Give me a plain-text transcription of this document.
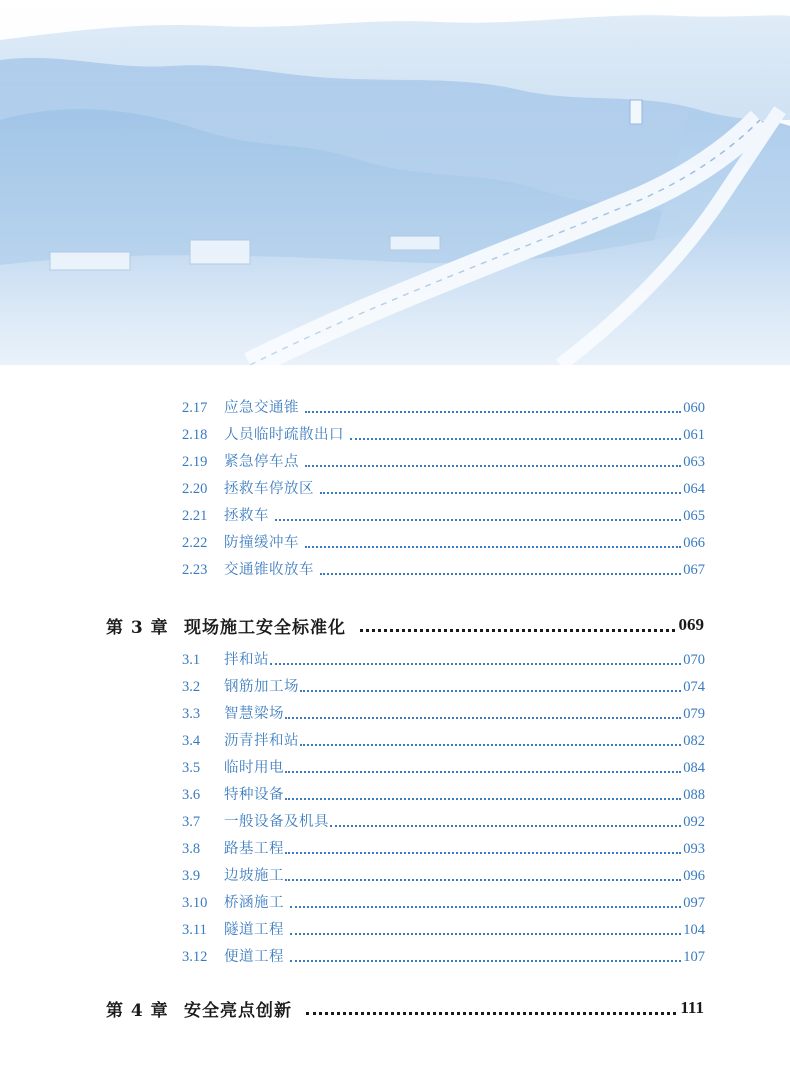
2.17	应急交通锥	060
2.18	人员临时疏散出口	061
2.19	紧急停车点	063
2.20	拯救车停放区	064
2.21	拯救车	065
2.22	防撞缓冲车	066
2.23	交通锥收放车	067
第 3 章 现场施工安全标准化	069
3.1	拌和站	070
3.2	钢筋加工场	074
3.3	智慧梁场	079
3.4	沥青拌和站	082
3.5	临时用电	084
3.6	特种设备	088
3.7	一般设备及机具	092
3.8	路基工程	093
3.9	边坡施工	096
3.10	桥涵施工	097
3.11	隧道工程	104
3.12	便道工程	107
第 4 章 安全亮点创新	111
